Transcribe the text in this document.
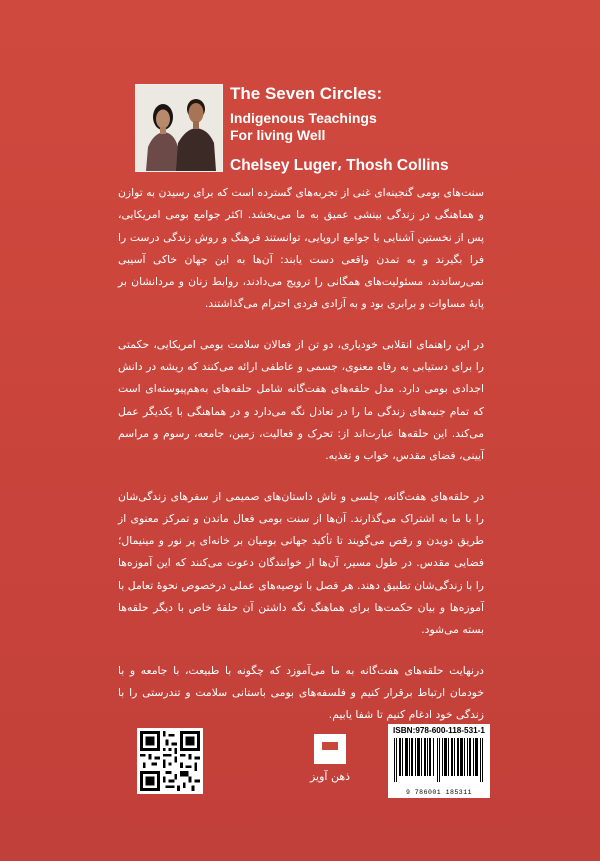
The Seven Circles:
Indigenous Teachings
For living Well
Chelsey Luger، Thosh Collins

سنت‌های بومی گنجینه‌ای غنی از تجربه‌های گسترده است که برای رسیدن به توازن و هماهنگی در زندگی بینشی عمیق به ما می‌بخشد. اکثر جوامع بومی امریکایی، پس از نخستین آشنایی با جوامع اروپایی، توانستند فرهنگ و روش زندگی درست را فرا بگیرند و به تمدن واقعی دست یابند: آن‌ها به این جهان خاکی آسیبی نمی‌رساندند، مسئولیت‌های همگانی را ترویج می‌دادند، روابط زنان و مردانشان بر پایهٔ مساوات و برابری بود و به آزادی فردی احترام می‌گذاشتند.

در این راهنمای انقلابی خودیاری، دو تن از فعالان سلامت بومی امریکایی، حکمتی را برای دستیابی به رفاه معنوی، جسمی و عاطفی ارائه می‌کنند که ریشه در دانش اجدادی بومی دارد. مدل حلقه‌های هفت‌گانه شامل حلقه‌های به‌هم‌پیوسته‌ای است که تمام جنبه‌های زندگی ما را در تعادل نگه می‌دارد و در هماهنگی با یکدیگر عمل می‌کند. این حلقه‌ها عبارت‌اند از: تحرک و فعالیت، زمین، جامعه، رسوم و مراسم آیینی، فضای مقدس، خواب و تغذیه.

در حلقه‌های هفت‌گانه، چلسی و تاش داستان‌های صمیمی از سفرهای زندگی‌شان را با ما به اشتراک می‌گذارند. آن‌ها از سنت بومی فعال ماندن و تمرکز معنوی از طریق دویدن و رقص می‌گویند تا تأکید جهانی بومیان بر خانه‌ای پر نور و مینیمال؛ فضایی مقدس. در طول مسیر، آن‌ها از خوانندگان دعوت می‌کنند که این آموزه‌ها را با زندگی‌شان تطبیق دهند. هر فصل با توصیه‌های عملی درخصوص نحوهٔ تعامل با آموزه‌ها و بیان حکمت‌ها برای هماهنگ نگه داشتن آن حلقهٔ خاص با دیگر حلقه‌ها بسته می‌شود.

درنهایت حلقه‌های هفت‌گانه به ما می‌آموزد که چگونه با طبیعت، با جامعه و با خودمان ارتباط برقرار کنیم و فلسفه‌های بومی باستانی سلامت و تندرستی را با زندگی خود ادغام کنیم تا شفا یابیم.

ذهن آویز
ISBN:978-600-118-531-1
9 786001 185311
